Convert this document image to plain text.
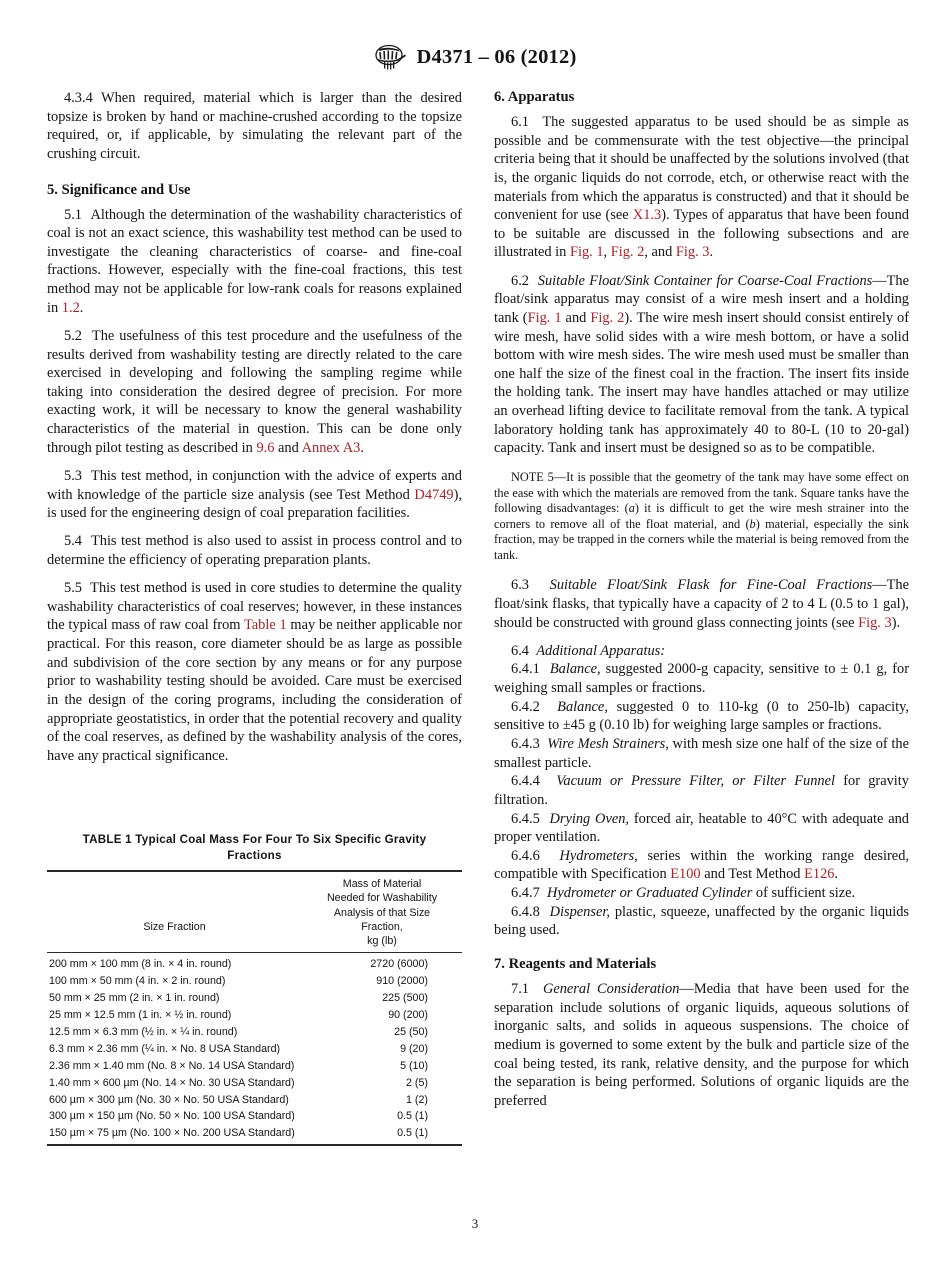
D4371 – 06 (2012)

4.3.4 When required, material which is larger than the desired topsize is broken by hand or machine-crushed according to the topsize required, or, if applicable, by simulating the relevant part of the crushing circuit.

5. Significance and Use

5.1 Although the determination of the washability characteristics of coal is not an exact science, this washability test method can be used to investigate the cleaning characteristics of coarse- and fine-coal fractions. However, especially with the fine-coal fractions, this test method may not be applicable for low-rank coals for reasons explained in 1.2.

5.2 The usefulness of this test procedure and the usefulness of the results derived from washability testing are directly related to the care exercised in developing and following the sampling regime while taking into consideration the desired degree of precision. For more exacting work, it will be necessary to know the general washability characteristics of the material in question. This can be done only through pilot testing as described in 9.6 and Annex A3.

5.3 This test method, in conjunction with the advice of experts and with knowledge of the particle size analysis (see Test Method D4749), is used for the engineering design of coal preparation facilities.

5.4 This test method is also used to assist in process control and to determine the efficiency of operating preparation plants.

5.5 This test method is used in core studies to determine the quality washability characteristics of coal reserves; however, in these instances the typical mass of raw coal from Table 1 may be neither applicable nor practical. For this reason, core diameter should be as large as possible and subdivision of the core section by any means or for any purpose prior to washability testing should be avoided. Care must be exercised in the design of the coring programs, including the consideration of appropriate geostatistics, in order that the potential recovery and quality of the coal reserves, as defined by the washability analysis of the cores, have any practical significance.

TABLE 1 Typical Coal Mass For Four To Six Specific Gravity Fractions
Size Fraction	Mass of Material
Needed for Washability
Analysis of that Size
Fraction,
kg (lb)
200 mm × 100 mm (8 in. × 4 in. round)	2720 (6000)
100 mm × 50 mm (4 in. × 2 in. round)	910 (2000)
50 mm × 25 mm (2 in. × 1 in. round)	225 (500)
25 mm × 12.5 mm (1 in. × ½ in. round)	90 (200)
12.5 mm × 6.3 mm (½ in. × ¼ in. round)	25 (50)
6.3 mm × 2.36 mm (¼ in. × No. 8 USA Standard)	9 (20)
2.36 mm × 1.40 mm (No. 8 × No. 14 USA Standard)	5 (10)
1.40 mm × 600 µm (No. 14 × No. 30 USA Standard)	2 (5)
600 µm × 300 µm (No. 30 × No. 50 USA Standard)	1 (2)
300 µm × 150 µm (No. 50 × No. 100 USA Standard)	0.5 (1)
150 µm × 75 µm (No. 100 × No. 200 USA Standard)	0.5 (1)
6. Apparatus

6.1 The suggested apparatus to be used should be as simple as possible and be commensurate with the test objective—the principal criteria being that it should be unaffected by the solutions involved (that is, the organic liquids do not corrode, etch, or otherwise react with the materials from which the apparatus is constructed) and that it should be convenient for use (see X1.3). Types of apparatus that have been found to be suitable are discussed in the following subsections and are illustrated in Fig. 1, Fig. 2, and Fig. 3.

6.2 Suitable Float/Sink Container for Coarse-Coal Fractions—The float/sink apparatus may consist of a wire mesh insert and a holding tank (Fig. 1 and Fig. 2). The wire mesh insert should consist entirely of wire mesh, have solid sides with a wire mesh bottom, or have a solid bottom with wire mesh sides. The wire mesh used must be smaller than one half the size of the finest coal in the fraction. The insert fits inside the holding tank. The insert may have handles attached or may utilize an overhead lifting device to facilitate removal from the tank. A typical laboratory holding tank has approximately 40 to 80-L (10 to 20-gal) capacity. Tank and insert must be designed so as to be compatible.

NOTE 5—It is possible that the geometry of the tank may have some effect on the ease with which the materials are removed from the tank. Square tanks have the following disadvantages: (a) it is difficult to get the wire mesh strainer into the corners to remove all of the float material, and (b) material, especially the sink fraction, may be trapped in the corners while the material is being removed from the tank.

6.3 Suitable Float/Sink Flask for Fine-Coal Fractions—The float/sink flasks, that typically have a capacity of 2 to 4 L (0.5 to 1 gal), should be constructed with ground glass connecting joints (see Fig. 3).

6.4 Additional Apparatus:

6.4.1 Balance, suggested 2000-g capacity, sensitive to ± 0.1 g, for weighing small samples or fractions.

6.4.2 Balance, suggested 0 to 110-kg (0 to 250-lb) capacity, sensitive to ±45 g (0.10 lb) for weighing large samples or fractions.

6.4.3 Wire Mesh Strainers, with mesh size one half of the size of the smallest particle.

6.4.4 Vacuum or Pressure Filter, or Filter Funnel for gravity filtration.

6.4.5 Drying Oven, forced air, heatable to 40°C with adequate and proper ventilation.

6.4.6 Hydrometers, series within the working range desired, compatible with Specification E100 and Test Method E126.

6.4.7 Hydrometer or Graduated Cylinder of sufficient size.

6.4.8 Dispenser, plastic, squeeze, unaffected by the organic liquids being used.

7. Reagents and Materials

7.1 General Consideration—Media that have been used for the separation include solutions of organic liquids, aqueous solutions of inorganic salts, and solids in aqueous suspensions. The choice of medium is governed to some extent by the bulk and particle size of the coal being tested, its rank, relative density, and the purpose for which the separation is being performed. Solutions of organic liquids are the preferred

3
